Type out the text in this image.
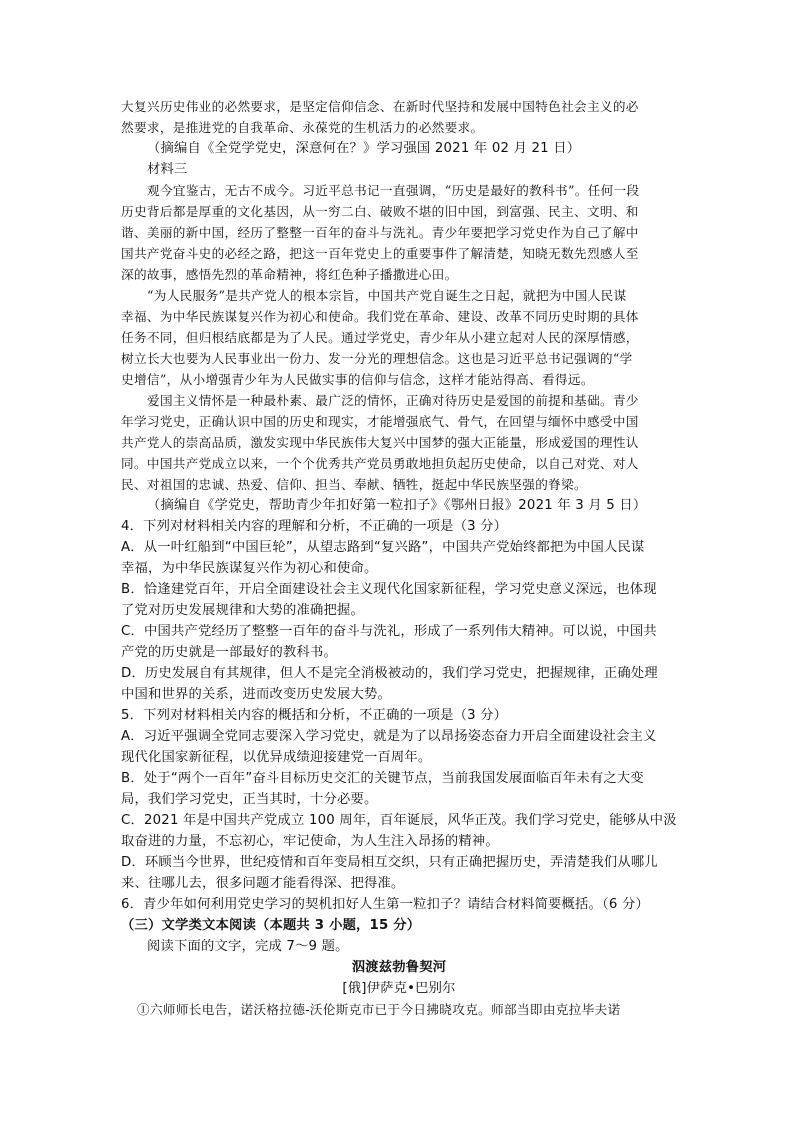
大复兴历史伟业的必然要求，是坚定信仰信念、在新时代坚持和发展中国特色社会主义的必
然要求，是推进党的自我革命、永葆党的生机活力的必然要求。
（摘编自《全党学党史，深意何在？》学习强国 2021 年 02 月 21 日）
材料三
观今宜鉴古，无古不成今。习近平总书记一直强调，“历史是最好的教科书”。任何一段
历史背后都是厚重的文化基因，从一穷二白、破败不堪的旧中国，到富强、民主、文明、和
谐、美丽的新中国，经历了整整一百年的奋斗与洗礼。青少年要把学习党史作为自己了解中
国共产党奋斗史的必经之路，把这一百年党史上的重要事件了解清楚，知晓无数先烈感人至
深的故事，感悟先烈的革命精神，将红色种子播撒进心田。
“为人民服务”是共产党人的根本宗旨，中国共产党自诞生之日起，就把为中国人民谋
幸福、为中华民族谋复兴作为初心和使命。我们党在革命、建设、改革不同历史时期的具体
任务不同，但归根结底都是为了人民。通过学党史，青少年从小建立起对人民的深厚情感，
树立长大也要为人民事业出一份力、发一分光的理想信念。这也是习近平总书记强调的“学
史增信”，从小增强青少年为人民做实事的信仰与信念，这样才能站得高、看得远。
爱国主义情怀是一种最朴素、最广泛的情怀，正确对待历史是爱国的前提和基础。青少
年学习党史，正确认识中国的历史和现实，才能增强底气、骨气，在回望与缅怀中感受中国
共产党人的崇高品质，激发实现中华民族伟大复兴中国梦的强大正能量，形成爱国的理性认
同。中国共产党成立以来，一个个优秀共产党员勇敢地担负起历史使命，以自己对党、对人
民、对祖国的忠诚、热爱、信仰、担当、奉献、牺牲，挺起中华民族坚强的脊梁。
（摘编自《学党史，帮助青少年扣好第一粒扣子》《鄂州日报》2021 年 3 月 5 日）
4．下列对材料相关内容的理解和分析，不正确的一项是（3 分）
A．从一叶红船到“中国巨轮”，从望志路到“复兴路”，中国共产党始终都把为中国人民谋
幸福，为中华民族谋复兴作为初心和使命。
B．恰逢建党百年，开启全面建设社会主义现代化国家新征程，学习党史意义深远，也体现
了党对历史发展规律和大势的准确把握。
C．中国共产党经历了整整一百年的奋斗与洗礼，形成了一系列伟大精神。可以说，中国共
产党的历史就是一部最好的教科书。
D．历史发展自有其规律，但人不是完全消极被动的，我们学习党史，把握规律，正确处理
中国和世界的关系，进而改变历史发展大势。
5．下列对材料相关内容的概括和分析，不正确的一项是（3 分）
A．习近平强调全党同志要深入学习党史，就是为了以昂扬姿态奋力开启全面建设社会主义
现代化国家新征程，以优异成绩迎接建党一百周年。
B．处于“两个一百年”奋斗目标历史交汇的关键节点，当前我国发展面临百年未有之大变
局，我们学习党史，正当其时，十分必要。
C．2021 年是中国共产党成立 100 周年，百年诞辰，风华正茂。我们学习党史，能够从中汲
取奋进的力量，不忘初心，牢记使命，为人生注入昂扬的精神。
D．环顾当今世界，世纪疫情和百年变局相互交织，只有正确把握历史，弄清楚我们从哪儿
来、往哪儿去，很多问题才能看得深、把得准。
6．青少年如何利用党史学习的契机扣好人生第一粒扣子？请结合材料简要概括。（6 分）
（三）文学类文本阅读（本题共 3 小题，15 分）
阅读下面的文字，完成 7～9 题。
泅渡兹勃鲁契河
[俄]伊萨克•巴别尔
①六师师长电告，诺沃格拉德-沃伦斯克市已于今日拂晓攻克。师部当即由克拉毕夫诺
